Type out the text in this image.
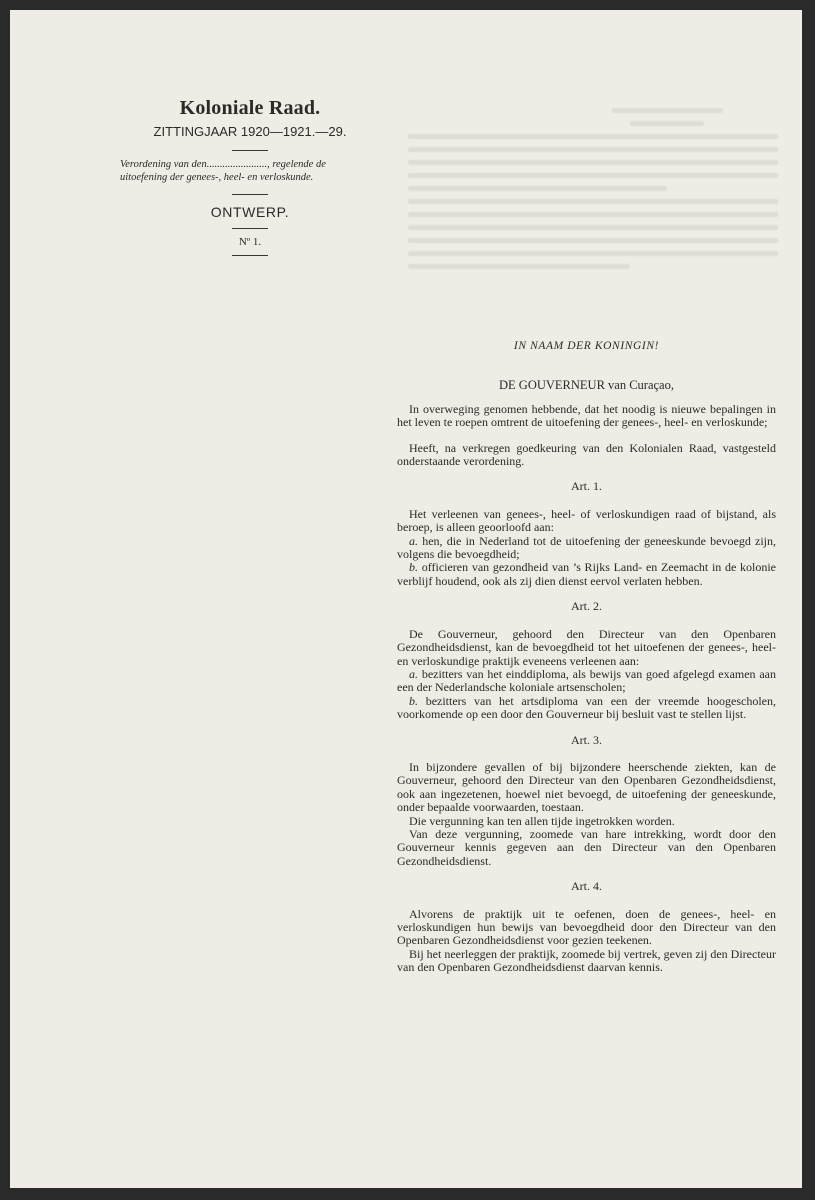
Koloniale Raad.
ZITTINGJAAR 1920—1921.—29.
Verordening van den......................., regelende de uitoefening der genees-, heel- en verloskunde.
ONTWERP.
Nº 1.

IN NAAM DER KONINGIN!

DE GOUVERNEUR van Curaçao,

In overweging genomen hebbende, dat het noodig is nieuwe bepalingen in het leven te roepen omtrent de uitoefening der genees-, heel- en verloskunde;

Heeft, na verkregen goedkeuring van den Kolonialen Raad, vastgesteld onderstaande verordening.

Art. 1.

Het verleenen van genees-, heel- of verloskundigen raad of bijstand, als beroep, is alleen geoorloofd aan:

a. hen, die in Nederland tot de uitoefening der geneeskunde bevoegd zijn, volgens die bevoegdheid;

b. officieren van gezondheid van ’s Rijks Land- en Zeemacht in de kolonie verblijf houdend, ook als zij dien dienst eervol verlaten hebben.

Art. 2.

De Gouverneur, gehoord den Directeur van den Openbaren Gezondheidsdienst, kan de bevoegdheid tot het uitoefenen der genees-, heel- en verloskundige praktijk eveneens verleenen aan:

a. bezitters van het einddiploma, als bewijs van goed afgelegd examen aan een der Nederlandsche koloniale artsenscholen;

b. bezitters van het artsdiploma van een der vreemde hoogescholen, voorkomende op een door den Gouverneur bij besluit vast te stellen lijst.

Art. 3.

In bijzondere gevallen of bij bijzondere heerschende ziekten, kan de Gouverneur, gehoord den Directeur van den Openbaren Gezondheidsdienst, ook aan ingezetenen, hoewel niet bevoegd, de uitoefening der geneeskunde, onder bepaalde voorwaarden, toestaan.

Die vergunning kan ten allen tijde ingetrokken worden.

Van deze vergunning, zoomede van hare intrekking, wordt door den Gouverneur kennis gegeven aan den Directeur van den Openbaren Gezondheidsdienst.

Art. 4.

Alvorens de praktijk uit te oefenen, doen de genees-, heel- en verloskundigen hun bewijs van bevoegdheid door den Directeur van den Openbaren Gezondheidsdienst voor gezien teekenen.

Bij het neerleggen der praktijk, zoomede bij vertrek, geven zij den Directeur van den Openbaren Gezondheidsdienst daarvan kennis.
